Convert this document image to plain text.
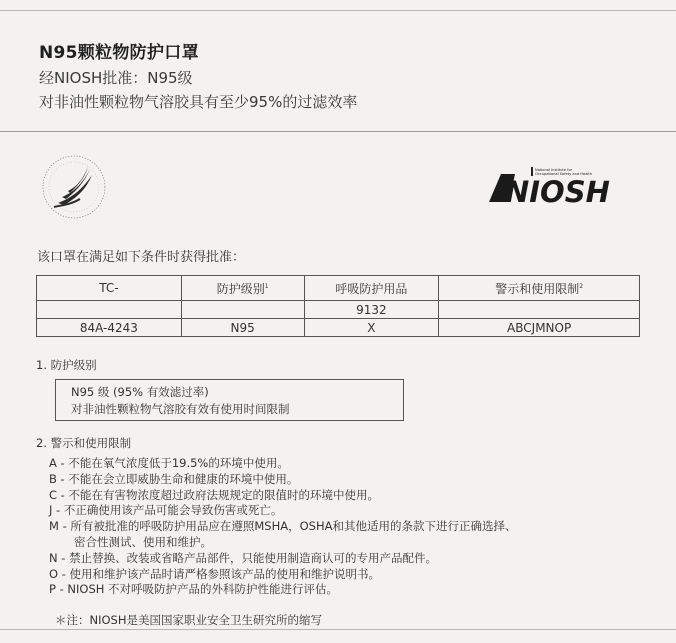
N95颗粒物防护口罩
经NIOSH批准：N95级
对非油性颗粒物气溶胶具有至少95%的过滤效率
National Institute for
Occupational Safety and Health
NIOSH
该口罩在满足如下条件时获得批准：
TC-	防护级别$^1$	呼吸防护用品	警示和使用限制$^2$
		9132	
84A-4243	N95	X	ABCJMNOP
1. 防护级别
N95 级 (95% 有效滤过率)
对非油性颗粒物气溶胶有效有使用时间限制
2. 警示和使用限制
A - 不能在氧气浓度低于19.5%的环境中使用。
B - 不能在会立即威胁生命和健康的环境中使用。
C - 不能在有害物浓度超过政府法规规定的限值时的环境中使用。
J - 不正确使用该产品可能会导致伤害或死亡。
M - 所有被批准的呼吸防护用品应在遵照MSHA，OSHA和其他适用的条款下进行正确选择、
密合性测试、使用和维护。
N - 禁止替换、改装或省略产品部件，只能使用制造商认可的专用产品配件。
O - 使用和维护该产品时请严格参照该产品的使用和维护说明书。
P - NIOSH 不对呼吸防护产品的外科防护性能进行评估。
＊注：NIOSH是美国国家职业安全卫生研究所的缩写
